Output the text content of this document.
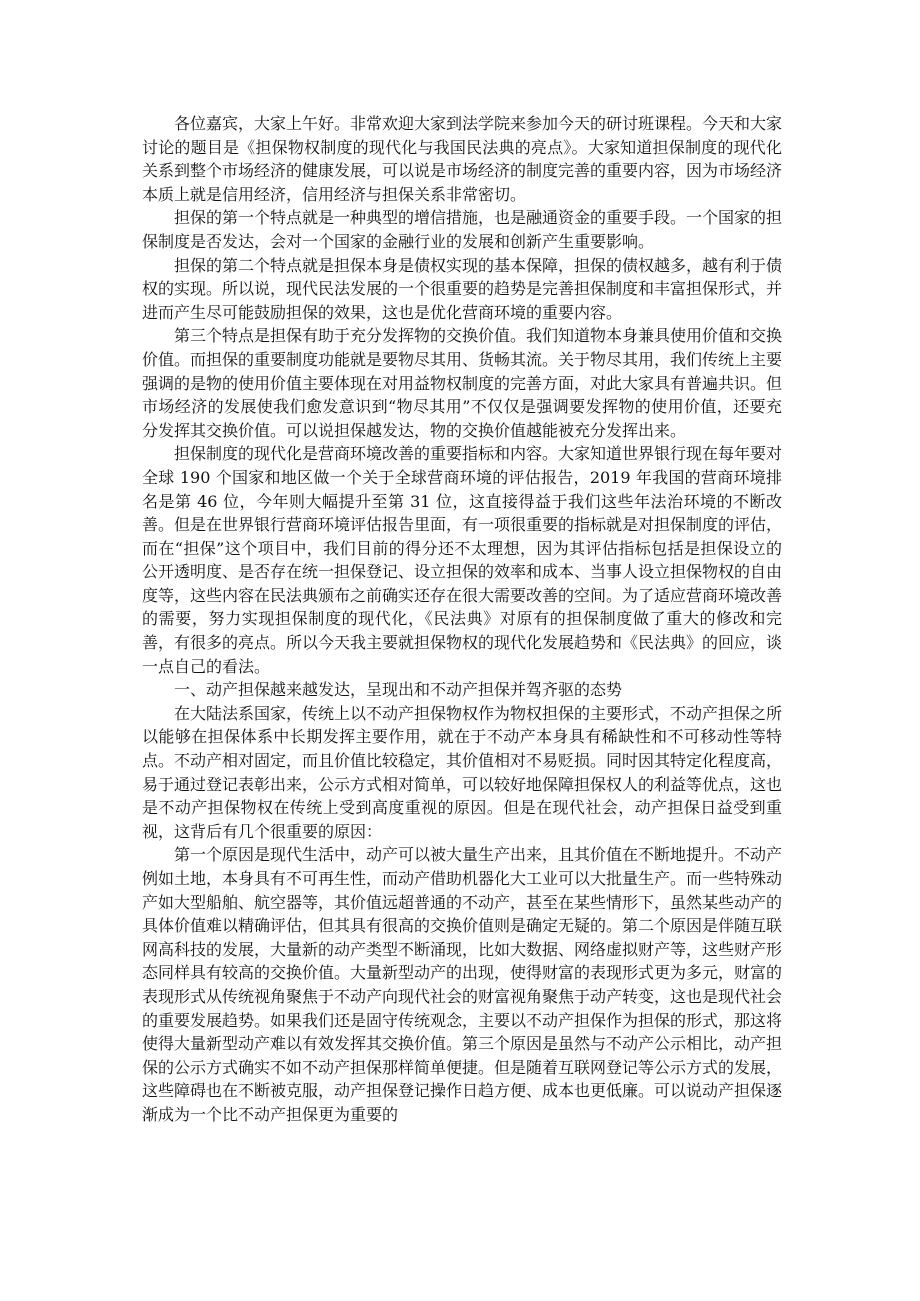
各位嘉宾，大家上午好。非常欢迎大家到法学院来参加今天的研讨班课程。今天和大家讨论的题目是《担保物权制度的现代化与我国民法典的亮点》。大家知道担保制度的现代化关系到整个市场经济的健康发展，可以说是市场经济的制度完善的重要内容，因为市场经济本质上就是信用经济，信用经济与担保关系非常密切。

担保的第一个特点就是一种典型的增信措施，也是融通资金的重要手段。一个国家的担保制度是否发达，会对一个国家的金融行业的发展和创新产生重要影响。

担保的第二个特点就是担保本身是债权实现的基本保障，担保的债权越多，越有利于债权的实现。所以说，现代民法发展的一个很重要的趋势是完善担保制度和丰富担保形式，并进而产生尽可能鼓励担保的效果，这也是优化营商环境的重要内容。

第三个特点是担保有助于充分发挥物的交换价值。我们知道物本身兼具使用价值和交换价值。而担保的重要制度功能就是要物尽其用、货畅其流。关于物尽其用，我们传统上主要强调的是物的使用价值主要体现在对用益物权制度的完善方面，对此大家具有普遍共识。但市场经济的发展使我们愈发意识到“物尽其用”不仅仅是强调要发挥物的使用价值，还要充分发挥其交换价值。可以说担保越发达，物的交换价值越能被充分发挥出来。

担保制度的现代化是营商环境改善的重要指标和内容。大家知道世界银行现在每年要对全球 190 个国家和地区做一个关于全球营商环境的评估报告，2019 年我国的营商环境排名是第 46 位，今年则大幅提升至第 31 位，这直接得益于我们这些年法治环境的不断改善。但是在世界银行营商环境评估报告里面，有一项很重要的指标就是对担保制度的评估，而在“担保”这个项目中，我们目前的得分还不太理想，因为其评估指标包括是担保设立的公开透明度、是否存在统一担保登记、设立担保的效率和成本、当事人设立担保物权的自由度等，这些内容在民法典颁布之前确实还存在很大需要改善的空间。为了适应营商环境改善的需要，努力实现担保制度的现代化，《民法典》对原有的担保制度做了重大的修改和完善，有很多的亮点。所以今天我主要就担保物权的现代化发展趋势和《民法典》的回应，谈一点自己的看法。

一、动产担保越来越发达，呈现出和不动产担保并驾齐驱的态势

在大陆法系国家，传统上以不动产担保物权作为物权担保的主要形式，不动产担保之所以能够在担保体系中长期发挥主要作用，就在于不动产本身具有稀缺性和不可移动性等特点。不动产相对固定，而且价值比较稳定，其价值相对不易贬损。同时因其特定化程度高，易于通过登记表彰出来，公示方式相对简单，可以较好地保障担保权人的利益等优点，这也是不动产担保物权在传统上受到高度重视的原因。但是在现代社会，动产担保日益受到重视，这背后有几个很重要的原因：

第一个原因是现代生活中，动产可以被大量生产出来，且其价值在不断地提升。不动产例如土地，本身具有不可再生性，而动产借助机器化大工业可以大批量生产。而一些特殊动产如大型船舶、航空器等，其价值远超普通的不动产，甚至在某些情形下，虽然某些动产的具体价值难以精确评估，但其具有很高的交换价值则是确定无疑的。第二个原因是伴随互联网高科技的发展，大量新的动产类型不断涌现，比如大数据、网络虚拟财产等，这些财产形态同样具有较高的交换价值。大量新型动产的出现，使得财富的表现形式更为多元，财富的表现形式从传统视角聚焦于不动产向现代社会的财富视角聚焦于动产转变，这也是现代社会的重要发展趋势。如果我们还是固守传统观念，主要以不动产担保作为担保的形式，那这将使得大量新型动产难以有效发挥其交换价值。第三个原因是虽然与不动产公示相比，动产担保的公示方式确实不如不动产担保那样简单便捷。但是随着互联网登记等公示方式的发展，这些障碍也在不断被克服，动产担保登记操作日趋方便、成本也更低廉。可以说动产担保逐渐成为一个比不动产担保更为重要的
